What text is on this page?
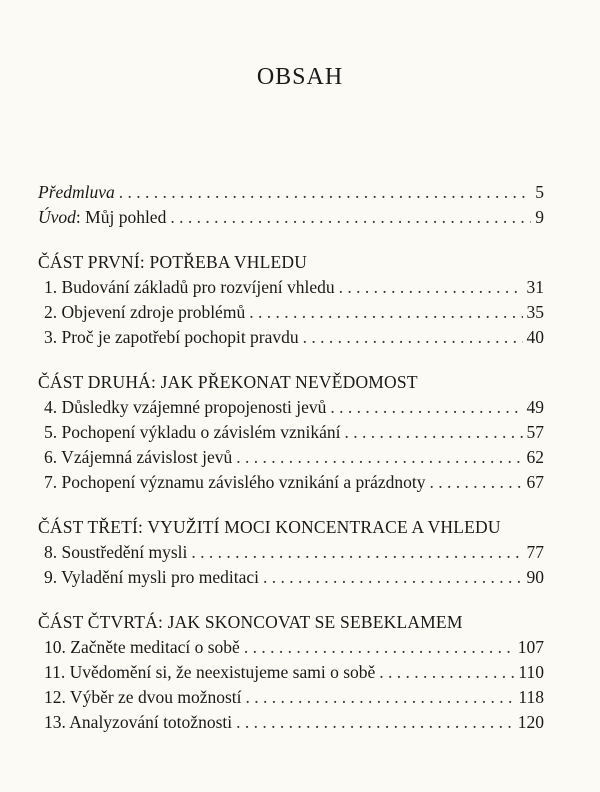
OBSAH
Předmluva . . .	5
Úvod: Můj pohled . . .	9
ČÁST PRVNÍ: POTŘEBA VHLEDU
1. Budování základů pro rozvíjení vhledu . . .	31
2. Objevení zdroje problémů . . .	35
3. Proč je zapotřebí pochopit pravdu . . .	40
ČÁST DRUHÁ: JAK PŘEKONAT NEVĚDOMOST
4. Důsledky vzájemné propojenosti jevů . . .	49
5. Pochopení výkladu o závislém vznikání . . .	57
6. Vzájemná závislost jevů . . .	62
7. Pochopení významu závislého vznikání a prázdnoty . . .	67
ČÁST TŘETÍ: VYUŽITÍ MOCI KONCENTRACE A VHLEDU
8. Soustředění mysli . . .	77
9. Vyladění mysli pro meditaci . . .	90
ČÁST ČTVRTÁ: JAK SKONCOVAT SE SEBEKLAMEM
10. Začněte meditací o sobě . . .	107
11. Uvědomění si, že neexistujeme sami o sobě . . .	110
12. Výběr ze dvou možností . . .	118
13. Analyzování totožnosti . . .	120
